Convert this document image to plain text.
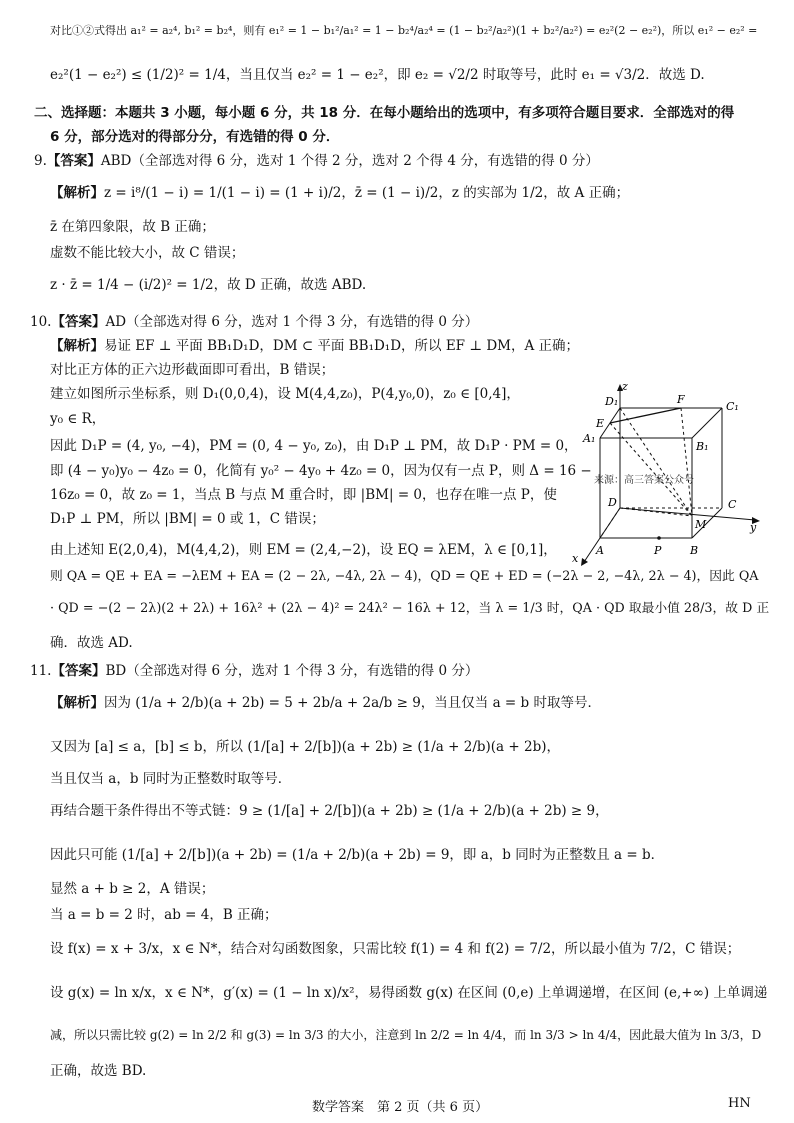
对比①②式得出 a₁² = a₂⁴, b₁² = b₂⁴，则有 e₁² = 1 − b₁²/a₁² = 1 − b₂⁴/a₂⁴ = (1 − b₂²/a₂²)(1 + b₂²/a₂²) = e₂²(2 − e₂²)，所以 e₁² − e₂² =
e₂²(1 − e₂²) ≤ (1/2)² = 1/4，当且仅当 e₂² = 1 − e₂²，即 e₂ = √2/2 时取等号，此时 e₁ = √3/2．故选 D.
二、选择题：本题共 3 小题，每小题 6 分，共 18 分．在每小题给出的选项中，有多项符合题目要求．全部选对的得
6 分，部分选对的得部分分，有选错的得 0 分．
9.【答案】ABD（全部选对得 6 分，选对 1 个得 2 分，选对 2 个得 4 分，有选错的得 0 分）
【解析】z = i⁸/(1 − i) = 1/(1 − i) = (1 + i)/2，z̄ = (1 − i)/2，z 的实部为 1/2，故 A 正确；
z̄ 在第四象限，故 B 正确；
虚数不能比较大小，故 C 错误；
z · z̄ = 1/4 − (i/2)² = 1/2，故 D 正确，故选 ABD.
10.【答案】AD（全部选对得 6 分，选对 1 个得 3 分，有选错的得 0 分）
【解析】易证 EF ⊥ 平面 BB₁D₁D，DM ⊂ 平面 BB₁D₁D，所以 EF ⊥ DM，A 正确；
对比正方体的正六边形截面即可看出，B 错误；
建立如图所示坐标系，则 D₁(0,0,4)，设 M(4,4,z₀)，P(4,y₀,0)，z₀ ∈ [0,4]，
y₀ ∈ R，
因此 D₁P = (4, y₀, −4)，PM = (0, 4 − y₀, z₀)，由 D₁P ⊥ PM，故 D₁P · PM = 0，
即 (4 − y₀)y₀ − 4z₀ = 0，化简有 y₀² − 4y₀ + 4z₀ = 0，因为仅有一点 P，则 Δ = 16 −
16z₀ = 0，故 z₀ = 1，当点 B 与点 M 重合时，即 |BM| = 0，也存在唯一点 P，使
D₁P ⊥ PM，所以 |BM| = 0 或 1，C 错误；
由上述知 E(2,0,4)，M(4,4,2)，则 EM = (2,4,−2)，设 EQ = λEM，λ ∈ [0,1]，
则 QA = QE + EA = −λEM + EA = (2 − 2λ, −4λ, 2λ − 4)，QD = QE + ED = (−2λ − 2, −4λ, 2λ − 4)，因此 QA
· QD = −(2 − 2λ)(2 + 2λ) + 16λ² + (2λ − 4)² = 24λ² − 16λ + 12，当 λ = 1/3 时，QA · QD 取最小值 28/3，故 D 正
确．故选 AD.
z
D₁	F
C₁
E
A₁
B₁
D	C
y
M
A	P	B
x
来源：高三答案公众号
11.【答案】BD（全部选对得 6 分，选对 1 个得 3 分，有选错的得 0 分）
【解析】因为 (1/a + 2/b)(a + 2b) = 5 + 2b/a + 2a/b ≥ 9，当且仅当 a = b 时取等号．
又因为 [a] ≤ a，[b] ≤ b，所以 (1/[a] + 2/[b])(a + 2b) ≥ (1/a + 2/b)(a + 2b)，
当且仅当 a，b 同时为正整数时取等号．
再结合题干条件得出不等式链：9 ≥ (1/[a] + 2/[b])(a + 2b) ≥ (1/a + 2/b)(a + 2b) ≥ 9，
因此只可能 (1/[a] + 2/[b])(a + 2b) = (1/a + 2/b)(a + 2b) = 9，即 a，b 同时为正整数且 a = b．
显然 a + b ≥ 2，A 错误；
当 a = b = 2 时，ab = 4，B 正确；
设 f(x) = x + 3/x，x ∈ N*，结合对勾函数图象，只需比较 f(1) = 4 和 f(2) = 7/2，所以最小值为 7/2，C 错误；
设 g(x) = ln x/x，x ∈ N*，g′(x) = (1 − ln x)/x²，易得函数 g(x) 在区间 (0,e) 上单调递增，在区间 (e,+∞) 上单调递
减，所以只需比较 g(2) = ln 2/2 和 g(3) = ln 3/3 的大小，注意到 ln 2/2 = ln 4/4，而 ln 3/3 > ln 4/4，因此最大值为 ln 3/3，D
正确，故选 BD.
数学答案　第 2 页（共 6 页）	HN
